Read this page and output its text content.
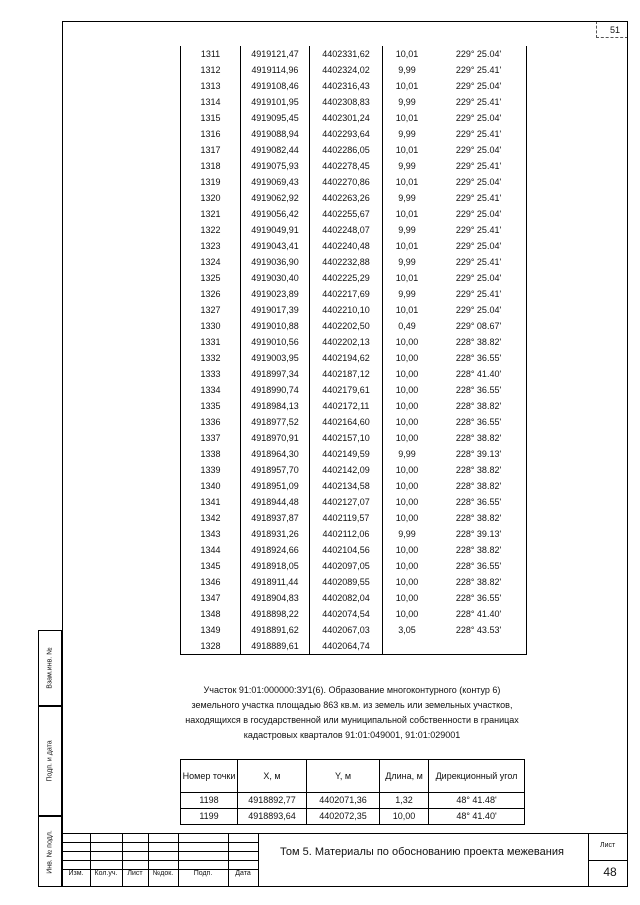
51
1311	4919121,47	4402331,62	10,01	229° 25.04'
1312	4919114,96	4402324,02	9,99	229° 25.41'
1313	4919108,46	4402316,43	10,01	229° 25.04'
1314	4919101,95	4402308,83	9,99	229° 25.41'
1315	4919095,45	4402301,24	10,01	229° 25.04'
1316	4919088,94	4402293,64	9,99	229° 25.41'
1317	4919082,44	4402286,05	10,01	229° 25.04'
1318	4919075,93	4402278,45	9,99	229° 25.41'
1319	4919069,43	4402270,86	10,01	229° 25.04'
1320	4919062,92	4402263,26	9,99	229° 25.41'
1321	4919056,42	4402255,67	10,01	229° 25.04'
1322	4919049,91	4402248,07	9,99	229° 25.41'
1323	4919043,41	4402240,48	10,01	229° 25.04'
1324	4919036,90	4402232,88	9,99	229° 25.41'
1325	4919030,40	4402225,29	10,01	229° 25.04'
1326	4919023,89	4402217,69	9,99	229° 25.41'
1327	4919017,39	4402210,10	10,01	229° 25.04'
1330	4919010,88	4402202,50	0,49	229° 08.67'
1331	4919010,56	4402202,13	10,00	228° 38.82'
1332	4919003,95	4402194,62	10,00	228° 36.55'
1333	4918997,34	4402187,12	10,00	228° 41.40'
1334	4918990,74	4402179,61	10,00	228° 36.55'
1335	4918984,13	4402172,11	10,00	228° 38.82'
1336	4918977,52	4402164,60	10,00	228° 36.55'
1337	4918970,91	4402157,10	10,00	228° 38.82'
1338	4918964,30	4402149,59	9,99	228° 39.13'
1339	4918957,70	4402142,09	10,00	228° 38.82'
1340	4918951,09	4402134,58	10,00	228° 38.82'
1341	4918944,48	4402127,07	10,00	228° 36.55'
1342	4918937,87	4402119,57	10,00	228° 38.82'
1343	4918931,26	4402112,06	9,99	228° 39.13'
1344	4918924,66	4402104,56	10,00	228° 38.82'
1345	4918918,05	4402097,05	10,00	228° 36.55'
1346	4918911,44	4402089,55	10,00	228° 38.82'
1347	4918904,83	4402082,04	10,00	228° 36.55'
1348	4918898,22	4402074,54	10,00	228° 41.40'
1349	4918891,62	4402067,03	3,05	228° 43.53'
1328	4918889,61	4402064,74		
Участок 91:01:000000:ЗУ1(6). Образование многоконтурного (контур 6) земельного участка площадью 863 кв.м. из земель или земельных участков, находящихся в государственной или муниципальной собственности в границах кадастровых кварталов 91:01:049001, 91:01:029001
Номер точки	X, м	Y, м	Длина, м	Дирекционный угол
1198	4918892,77	4402071,36	1,32	48° 41.48'
1199	4918893,64	4402072,35	10,00	48° 41.40'
Взам.инв. №
Подп. и дата
Инв. № подл.
Изм.	Кол.уч.	Лист	№док.	Подп.	Дата
Том 5. Материалы по обоснованию проекта межевания
Лист
48
